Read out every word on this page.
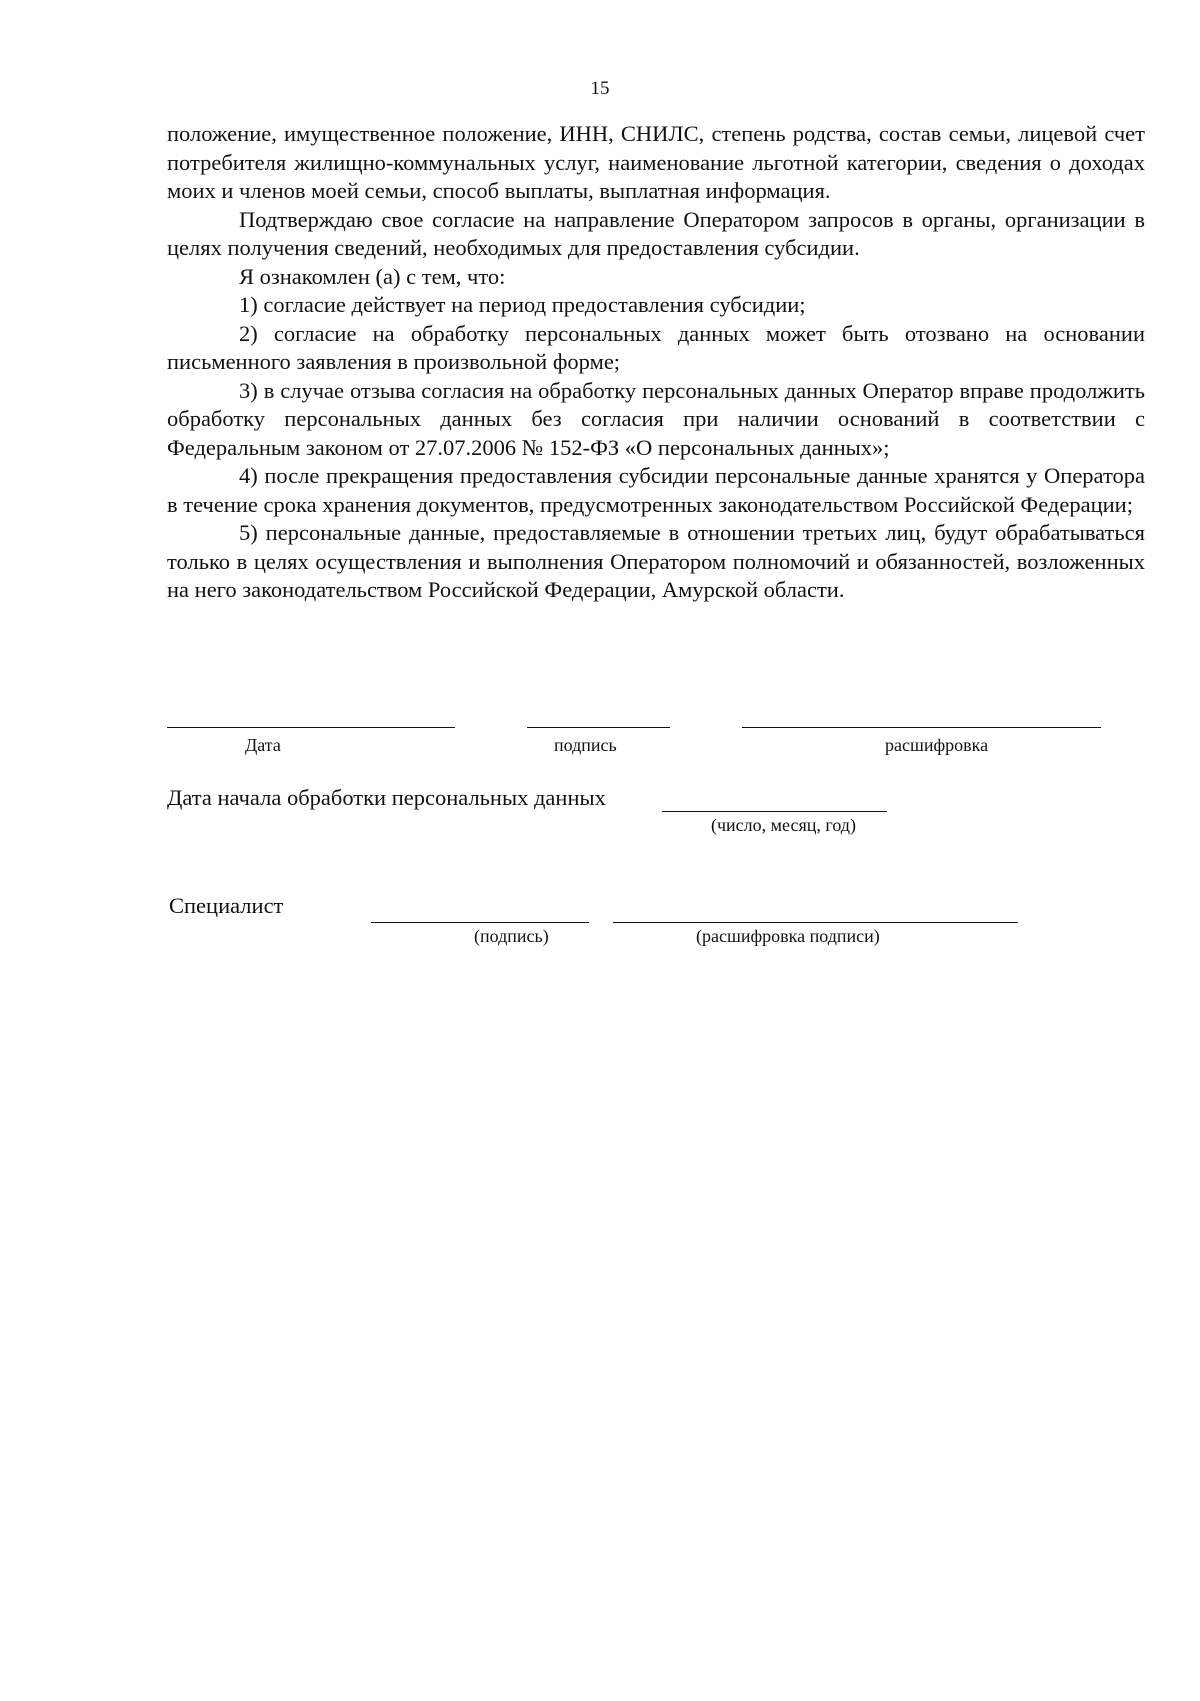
15

положение, имущественное положение, ИНН, СНИЛС, степень родства, состав семьи, лицевой счет потребителя жилищно-коммунальных услуг, наименование льготной категории, сведения о доходах моих и членов моей семьи, способ выплаты, выплатная информация.

Подтверждаю свое согласие на направление Оператором запросов в органы, организации в целях получения сведений, необходимых для предоставления субсидии.

Я ознакомлен (а) с тем, что:

1) согласие действует на период предоставления субсидии;

2) согласие на обработку персональных данных может быть отозвано на основании письменного заявления в произвольной форме;

3) в случае отзыва согласия на обработку персональных данных Оператор вправе продолжить обработку персональных данных без согласия при наличии оснований в соответствии с Федеральным законом от 27.07.2006 № 152-ФЗ «О персональных данных»;

4) после прекращения предоставления субсидии персональные данные хранятся у Оператора в течение срока хранения документов, предусмотренных законодательством Российской Федерации;

5) персональные данные, предоставляемые в отношении третьих лиц, будут обрабатываться только в целях осуществления и выполнения Оператором полномочий и обязанностей, возложенных на него законодательством Российской Федерации, Амурской области.

Дата	подпись	расшифровка
Дата начала обработки персональных данных
(число, месяц, год)
Специалист
(подпись)	(расшифровка подписи)
